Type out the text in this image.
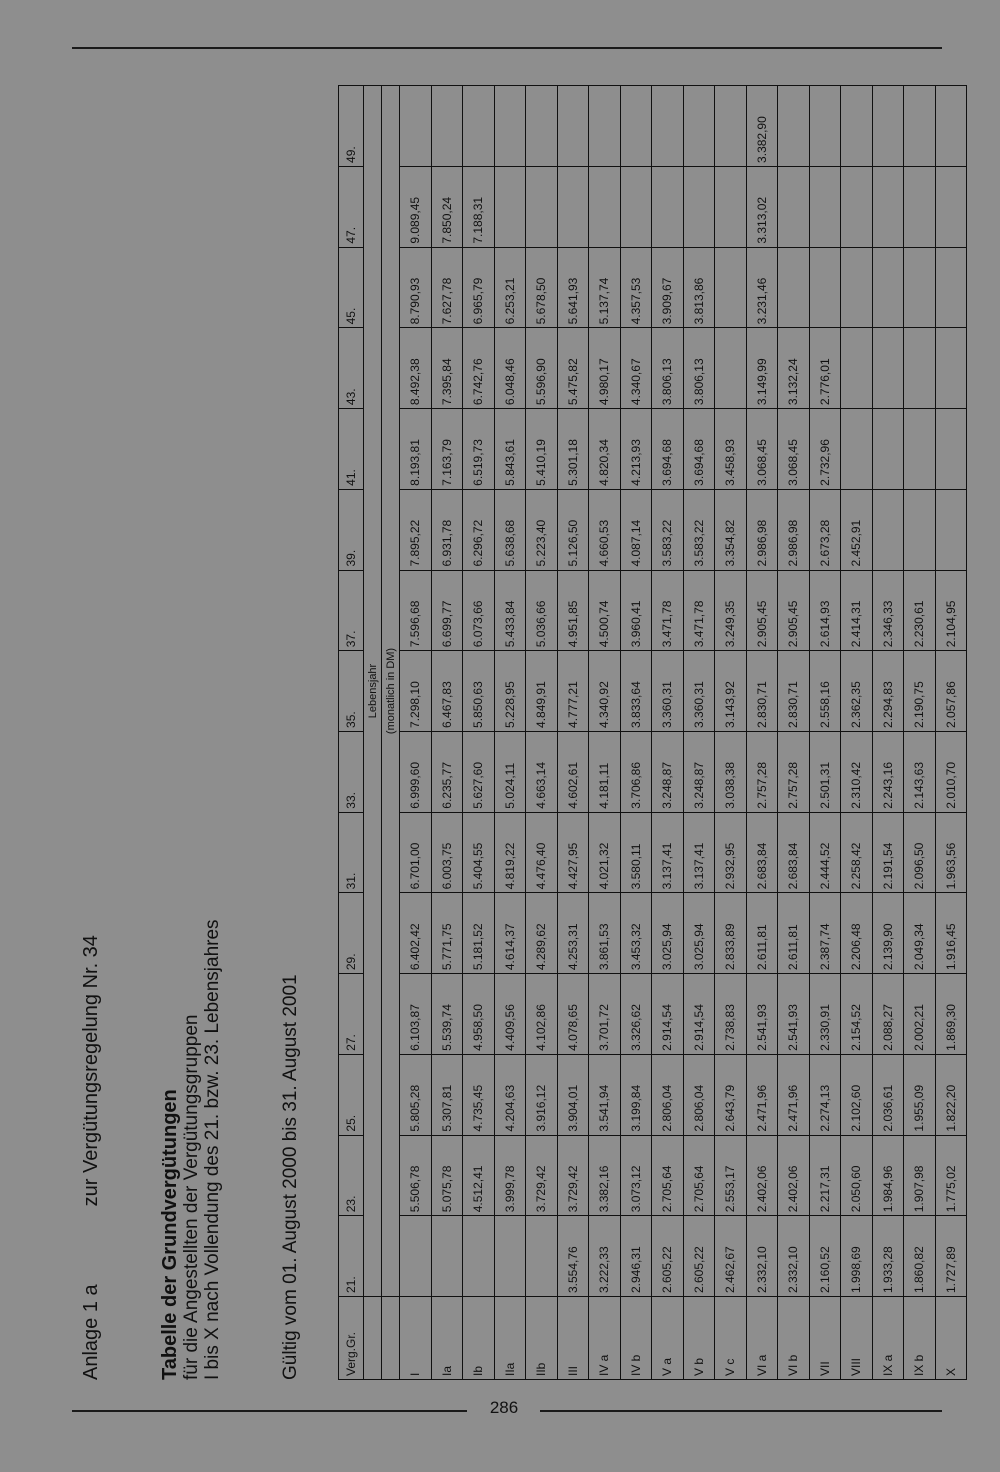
Anlage 1 azur Vergütungsregelung Nr. 34
Tabelle der Grundvergütungen für die Angestellten der Vergütungsgruppen I bis X nach Vollendung des 21. bzw. 23. Lebensjahres	Gültig vom 01. August 2000 bis 31. August 2001	Verg.Gr.	21.	23.	25.	27.	29.	31.	33.	35.	37.	39.	41.	43.	45.	47.	49.
	Lebensjahr														
	(monatlich in DM)														
I		5.506,78	5.805,28	6.103,87	6.402,42	6.701,00	6.999,60	7.298,10	7.596,68	7.895,22	8.193,81	8.492,38	8.790,93	9.089,45	
Ia		5.075,78	5.307,81	5.539,74	5.771,75	6.003,75	6.235,77	6.467,83	6.699,77	6.931,78	7.163,79	7.395,84	7.627,78	7.850,24	
Ib		4.512,41	4.735,45	4.958,50	5.181,52	5.404,55	5.627,60	5.850,63	6.073,66	6.296,72	6.519,73	6.742,76	6.965,79	7.188,31	
IIa		3.999,78	4.204,63	4.409,56	4.614,37	4.819,22	5.024,11	5.228,95	5.433,84	5.638,68	5.843,61	6.048,46	6.253,21		
IIb		3.729,42	3.916,12	4.102,86	4.289,62	4.476,40	4.663,14	4.849,91	5.036,66	5.223,40	5.410,19	5.596,90	5.678,50		
III	3.554,76	3.729,42	3.904,01	4.078,65	4.253,31	4.427,95	4.602,61	4.777,21	4.951,85	5.126,50	5.301,18	5.475,82	5.641,93		
IV a	3.222,33	3.382,16	3.541,94	3.701,72	3.861,53	4.021,32	4.181,11	4.340,92	4.500,74	4.660,53	4.820,34	4.980,17	5.137,74		
IV b	2.946,31	3.073,12	3.199,84	3.326,62	3.453,32	3.580,11	3.706,86	3.833,64	3.960,41	4.087,14	4.213,93	4.340,67	4.357,53		
V a	2.605,22	2.705,64	2.806,04	2.914,54	3.025,94	3.137,41	3.248,87	3.360,31	3.471,78	3.583,22	3.694,68	3.806,13	3.909,67		
V b	2.605,22	2.705,64	2.806,04	2.914,54	3.025,94	3.137,41	3.248,87	3.360,31	3.471,78	3.583,22	3.694,68	3.806,13	3.813,86		
V c	2.462,67	2.553,17	2.643,79	2.738,83	2.833,89	2.932,95	3.038,38	3.143,92	3.249,35	3.354,82	3.458,93				
VI a	2.332,10	2.402,06	2.471,96	2.541,93	2.611,81	2.683,84	2.757,28	2.830,71	2.905,45	2.986,98	3.068,45	3.149,99	3.231,46	3.313,02	3.382,90
VI b	2.332,10	2.402,06	2.471,96	2.541,93	2.611,81	2.683,84	2.757,28	2.830,71	2.905,45	2.986,98	3.068,45	3.132,24			
VII	2.160,52	2.217,31	2.274,13	2.330,91	2.387,74	2.444,52	2.501,31	2.558,16	2.614,93	2.673,28	2.732,96	2.776,01			
VIII	1.998,69	2.050,60	2.102,60	2.154,52	2.206,48	2.258,42	2.310,42	2.362,35	2.414,31	2.452,91					
IX a	1.933,28	1.984,96	2.036,61	2.088,27	2.139,90	2.191,54	2.243,16	2.294,83	2.346,33						
IX b	1.860,82	1.907,98	1.955,09	2.002,21	2.049,34	2.096,50	2.143,63	2.190,75	2.230,61						
X	1.727,89	1.775,02	1.822,20	1.869,30	1.916,45	1.963,56	2.010,70	2.057,86	2.104,95						
286
